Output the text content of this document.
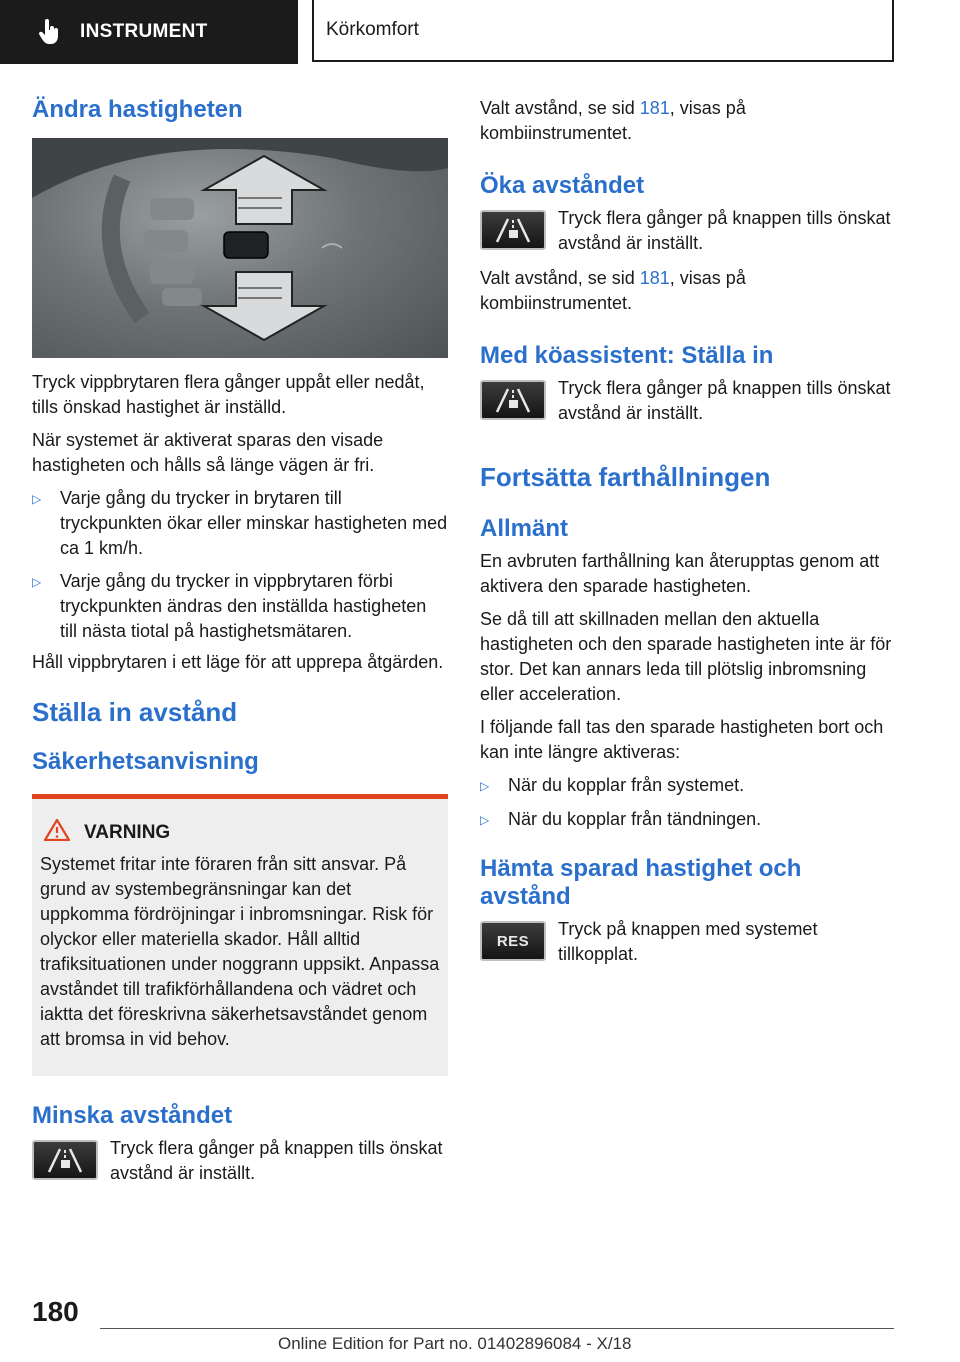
INSTRUMENT	Körkomfort
Ändra hastigheten

Tryck vippbrytaren flera gånger uppåt eller nedåt, tills önskad hastighet är inställd.

När systemet är aktiverat sparas den visade hastigheten och hålls så länge vägen är fri.

▷	Varje gång du trycker in brytaren till tryckpunkten ökar eller minskar hastigheten med ca 1 km/h.
▷	Varje gång du trycker in vippbrytaren förbi tryckpunkten ändras den inställda hastigheten till nästa tiotal på hastighetsmätaren.

Håll vippbrytaren i ett läge för att upprepa åtgärden.

Ställa in avstånd
Säkerhetsanvisning
VARNING

Systemet fritar inte föraren från sitt ansvar. På grund av systembegränsningar kan det uppkomma fördröjningar i inbromsningar. Risk för olyckor eller materiella skador. Håll alltid trafiksituationen under noggrann uppsikt. Anpassa avståndet till trafikförhållandena och vädret och iaktta det föreskrivna säkerhetsavståndet genom att bromsa in vid behov.

Minska avståndet

Tryck flera gånger på knappen tills önskat avstånd är inställt.

Valt avstånd, se sid 181, visas på kombiinstrumentet.

Öka avståndet

Tryck flera gånger på knappen tills önskat avstånd är inställt.

Valt avstånd, se sid 181, visas på kombiinstrumentet.

Med köassistent: Ställa in

Tryck flera gånger på knappen tills önskat avstånd är inställt.

Fortsätta farthållningen
Allmänt

En avbruten farthållning kan återupptas genom att aktivera den sparade hastigheten.

Se då till att skillnaden mellan den aktuella hastigheten och den sparade hastigheten inte är för stor. Det kan annars leda till plötslig inbromsning eller acceleration.

I följande fall tas den sparade hastigheten bort och kan inte längre aktiveras:

▷	När du kopplar från systemet.
▷	När du kopplar från tändningen.
Hämta sparad hastighet och avstånd
RES

Tryck på knappen med systemet tillkopplat.

180
Online Edition for Part no. 01402896084 - X/18
